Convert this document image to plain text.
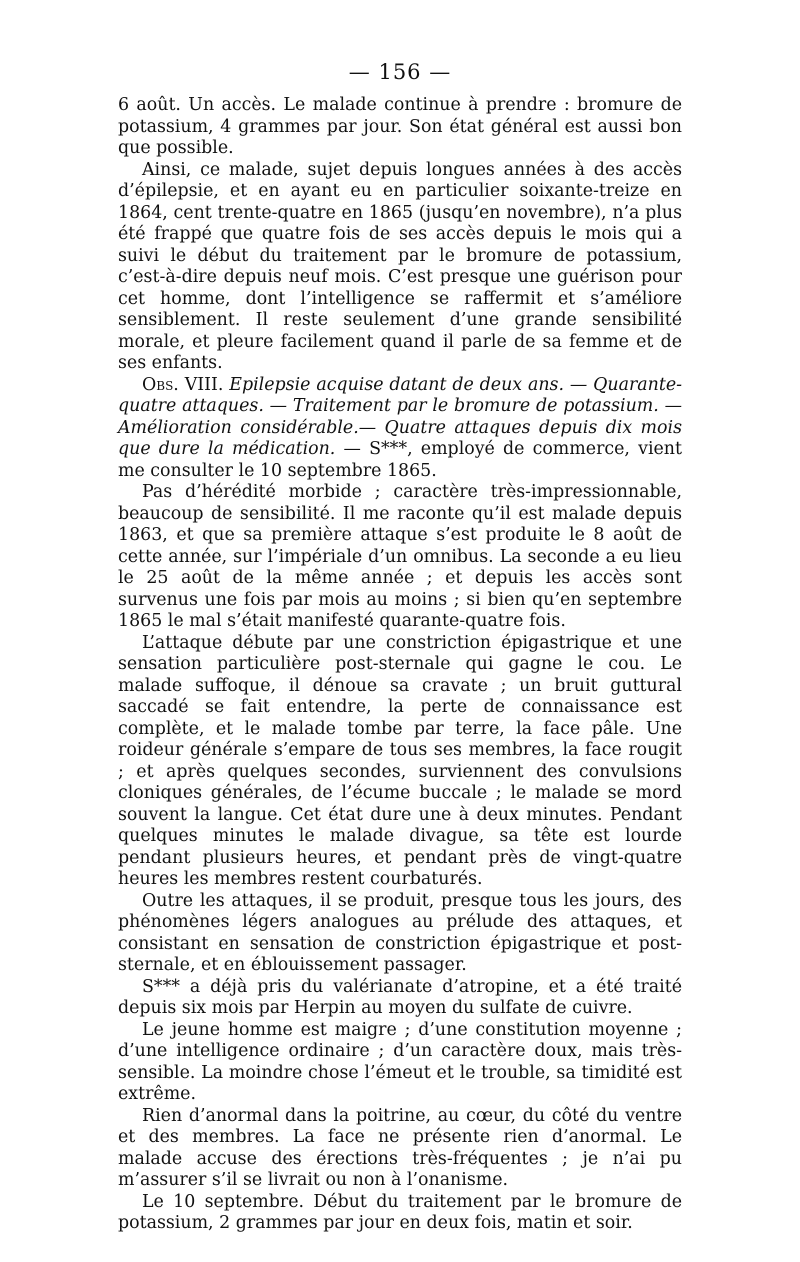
— 156 —

6 août. Un accès. Le malade continue à prendre : bromure de potassium, 4 grammes par jour. Son état général est aussi bon que possible.

Ainsi, ce malade, sujet depuis longues années à des accès d’épilepsie, et en ayant eu en particulier soixante-treize en 1864, cent trente-quatre en 1865 (jusqu’en novembre), n’a plus été frappé que quatre fois de ses accès depuis le mois qui a suivi le début du traitement par le bromure de potassium, c’est-à-dire depuis neuf mois. C’est presque une guérison pour cet homme, dont l’intelligence se raffermit et s’améliore sensiblement. Il reste seulement d’une grande sensibilité morale, et pleure facilement quand il parle de sa femme et de ses enfants.

Obs. VIII. Epilepsie acquise datant de deux ans. — Quarante-quatre attaques. — Traitement par le bromure de potassium. — Amélioration considérable.— Quatre attaques depuis dix mois que dure la médication. — S***, employé de commerce, vient me consulter le 10 septembre 1865.

Pas d’hérédité morbide ; caractère très-impressionnable, beaucoup de sensibilité. Il me raconte qu’il est malade depuis 1863, et que sa première attaque s’est produite le 8 août de cette année, sur l’impériale d’un omnibus. La seconde a eu lieu le 25 août de la même année ; et depuis les accès sont survenus une fois par mois au moins ; si bien qu’en septembre 1865 le mal s’était manifesté quarante-quatre fois.

L’attaque débute par une constriction épigastrique et une sensation particulière post-sternale qui gagne le cou. Le malade suffoque, il dénoue sa cravate ; un bruit guttural saccadé se fait entendre, la perte de connaissance est complète, et le malade tombe par terre, la face pâle. Une roideur générale s’empare de tous ses membres, la face rougit ; et après quelques secondes, surviennent des convulsions cloniques générales, de l’écume buccale ; le malade se mord souvent la langue. Cet état dure une à deux minutes. Pendant quelques minutes le malade divague, sa tête est lourde pendant plusieurs heures, et pendant près de vingt-quatre heures les membres restent courbaturés.

Outre les attaques, il se produit, presque tous les jours, des phénomènes légers analogues au prélude des attaques, et consistant en sensation de constriction épigastrique et post-sternale, et en éblouissement passager.

S*** a déjà pris du valérianate d’atropine, et a été traité depuis six mois par Herpin au moyen du sulfate de cuivre.

Le jeune homme est maigre ; d’une constitution moyenne ; d’une intelligence ordinaire ; d’un caractère doux, mais très-sensible. La moindre chose l’émeut et le trouble, sa timidité est extrême.

Rien d’anormal dans la poitrine, au cœur, du côté du ventre et des membres. La face ne présente rien d’anormal. Le malade accuse des érections très-fréquentes ; je n’ai pu m’assurer s’il se livrait ou non à l’onanisme.

Le 10 septembre. Début du traitement par le bromure de potassium, 2 grammes par jour en deux fois, matin et soir.
